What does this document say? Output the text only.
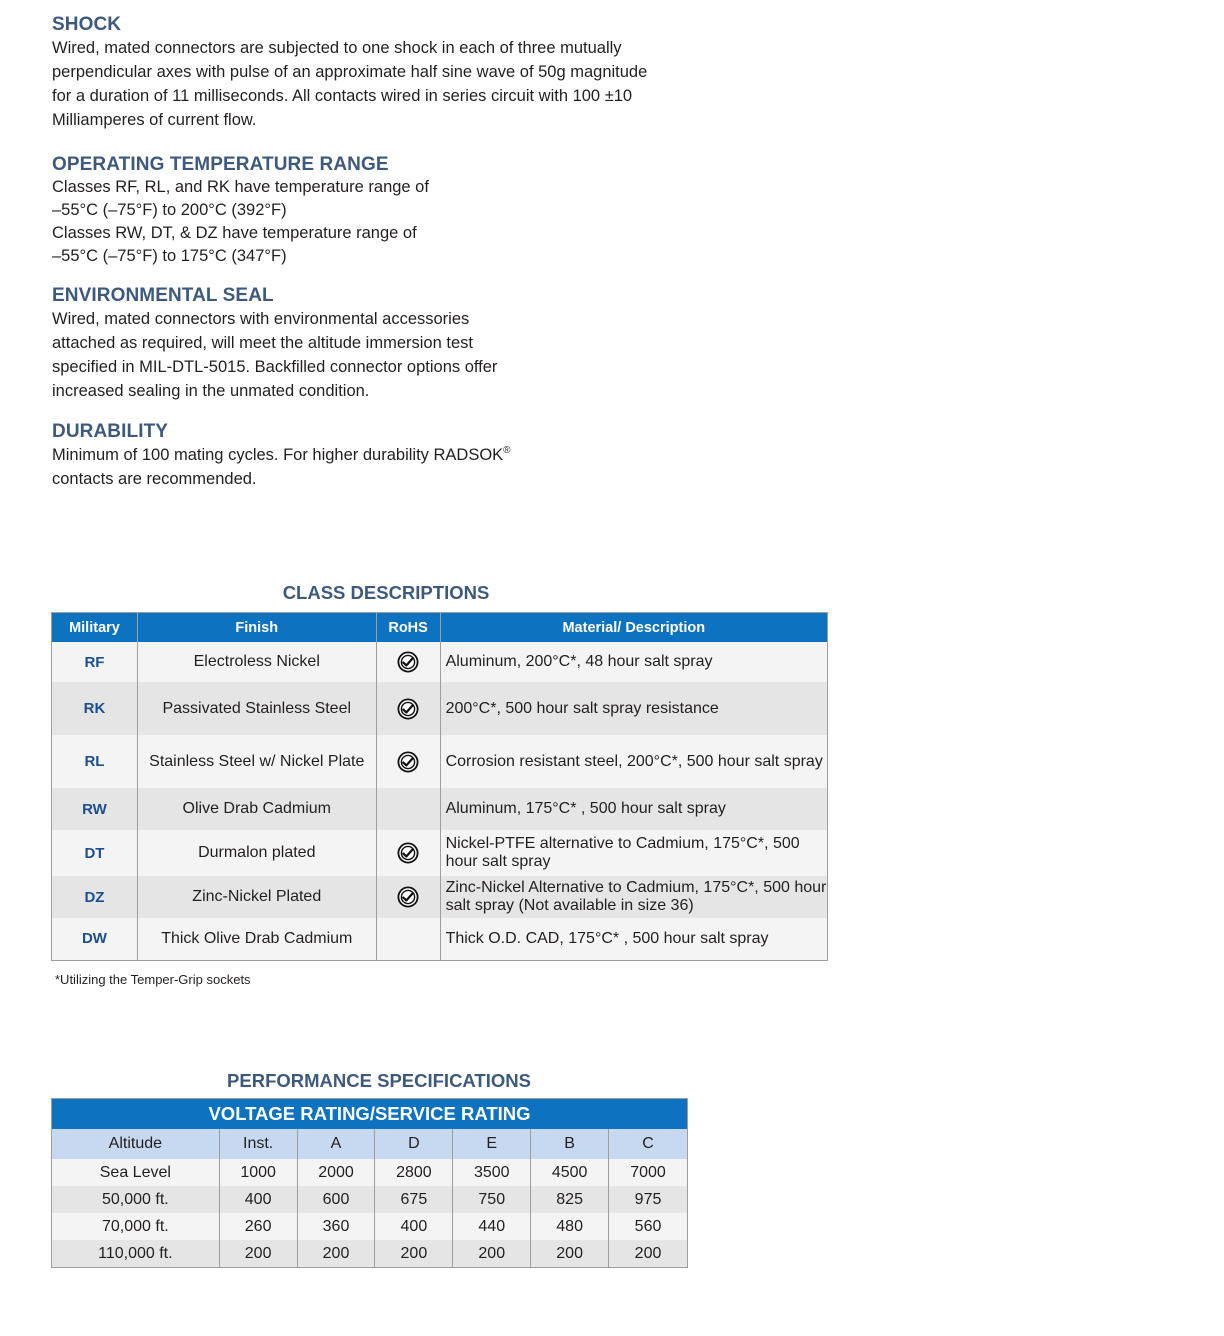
SHOCK

Wired, mated connectors are subjected to one shock in each of three mutually
perpendicular axes with pulse of an approximate half sine wave of 50g magnitude
for a duration of 11 milliseconds. All contacts wired in series circuit with 100 ±10
Milliamperes of current flow.

OPERATING TEMPERATURE RANGE

Classes RF, RL, and RK have temperature range of
–55°C (–75°F) to 200°C (392°F)
Classes RW, DT, & DZ have temperature range of
–55°C (–75°F) to 175°C (347°F)

ENVIRONMENTAL SEAL

Wired, mated connectors with environmental accessories
attached as required, will meet the altitude immersion test
specified in MIL-DTL-5015. Backfilled connector options offer
increased sealing in the unmated condition.

DURABILITY

Minimum of 100 mating cycles. For higher durability RADSOK®
contacts are recommended.

CLASS DESCRIPTIONS
Military	Finish	RoHS	Material/ Description
RF	Electroless Nickel		Aluminum, 200°C*, 48 hour salt spray
RK	Passivated Stainless Steel		200°C*, 500 hour salt spray resistance
RL	Stainless Steel w/ Nickel Plate		Corrosion resistant steel, 200°C*, 500 hour salt spray
RW	Olive Drab Cadmium		Aluminum, 175°C* , 500 hour salt spray
DT	Durmalon plated		Nickel-PTFE alternative to Cadmium, 175°C*, 500 hour salt spray
DZ	Zinc-Nickel Plated		Zinc-Nickel Alternative to Cadmium, 175°C*, 500 hour salt spray (Not available in size 36)
DW	Thick Olive Drab Cadmium		Thick O.D. CAD, 175°C* , 500 hour salt spray
*Utilizing the Temper-Grip sockets
PERFORMANCE SPECIFICATIONS
VOLTAGE RATING/SERVICE RATING						
Altitude	Inst.	A	D	E	B	C
Sea Level	1000	2000	2800	3500	4500	7000
50,000 ft.	400	600	675	750	825	975
70,000 ft.	260	360	400	440	480	560
110,000 ft.	200	200	200	200	200	200
